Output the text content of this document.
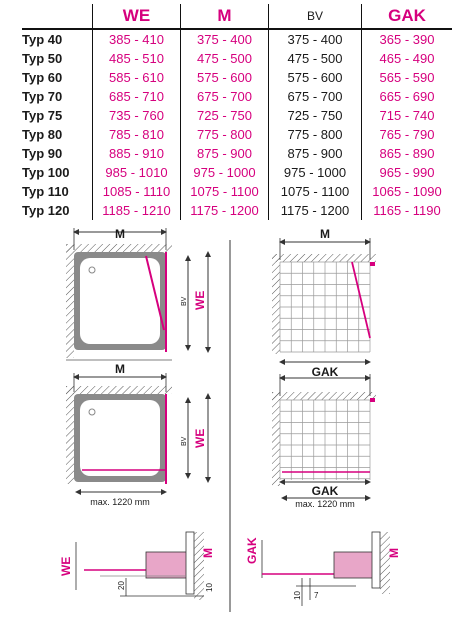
	WE	M	BV	GAK
Typ 40	385 - 410	375 - 400	375 - 400	365 - 390
Typ 50	485 - 510	475 - 500	475 - 500	465 - 490
Typ 60	585 - 610	575 - 600	575 - 600	565 - 590
Typ 70	685 - 710	675 - 700	675 - 700	665 - 690
Typ 75	735 - 760	725 - 750	725 - 750	715 - 740
Typ 80	785 - 810	775 - 800	775 - 800	765 - 790
Typ 90	885 - 910	875 - 900	875 - 900	865 - 890
Typ 100	985 - 1010	975 - 1000	975 - 1000	965 - 990
Typ 110	1085 - 1110	1075 - 1100	1075 - 1100	1065 - 1090
Typ 120	1185 - 1210	1175 - 1200	1175 - 1200	1165 - 1190
M
BV WE
M
BV WE
max. 1220 mm
M
GAK
GAK
max. 1220 mm
WE
20	10
M	GAK
10 7
M
